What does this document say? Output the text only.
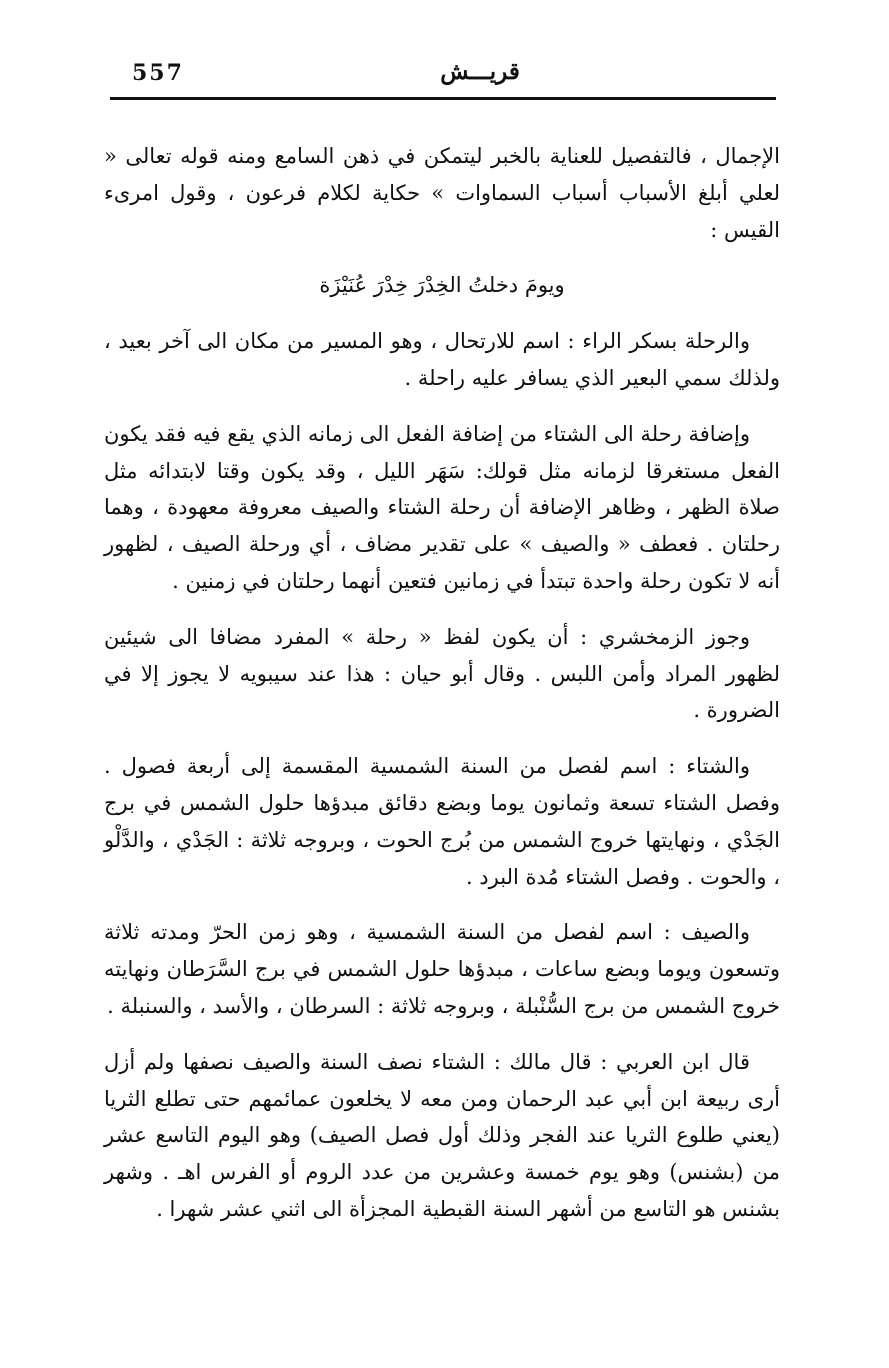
557	قريـــش

الإجمال ، فالتفصيل للعناية بالخبر ليتمكن في ذهن السامع ومنه قوله تعالى « لعلي أبلغ الأسباب أسباب السماوات » حكاية لكلام فرعون ، وقول امرىء القيس :

ويومَ دخلتُ الخِدْرَ خِدْرَ عُنَيْزَة

والرحلة بسكر الراء : اسم للارتحال ، وهو المسير من مكان الى آخر بعيد ، ولذلك سمي البعير الذي يسافر عليه راحلة .

وإضافة رحلة الى الشتاء من إضافة الفعل الى زمانه الذي يقع فيه فقد يكون الفعل مستغرقا لزمانه مثل قولك: سَهَر الليل ، وقد يكون وقتا لابتدائه مثل صلاة الظهر ، وظاهر الإضافة أن رحلة الشتاء والصيف معروفة معهودة ، وهما رحلتان . فعطف « والصيف » على تقدير مضاف ، أي ورحلة الصيف ، لظهور أنه لا تكون رحلة واحدة تبتدأ في زمانين فتعين أنهما رحلتان في زمنين .

وجوز الزمخشري : أن يكون لفظ « رحلة » المفرد مضافا الى شيئين لظهور المراد وأمن اللبس . وقال أبو حيان : هذا عند سيبويه لا يجوز إلا في الضرورة .

والشتاء : اسم لفصل من السنة الشمسية المقسمة إلى أربعة فصول . وفصل الشتاء تسعة وثمانون يوما وبضع دقائق مبدؤها حلول الشمس في برج الجَدْي ، ونهايتها خروج الشمس من بُرج الحوت ، وبروجه ثلاثة : الجَدْي ، والدَّلْو ، والحوت . وفصل الشتاء مُدة البرد .

والصيف : اسم لفصل من السنة الشمسية ، وهو زمن الحرّ ومدته ثلاثة وتسعون ويوما وبضع ساعات ، مبدؤها حلول الشمس في برج السَّرَطان ونهايته خروج الشمس من برج السُّنْبلة ، وبروجه ثلاثة : السرطان ، والأسد ، والسنبلة .

قال ابن العربي : قال مالك : الشتاء نصف السنة والصيف نصفها ولم أزل أرى ربيعة ابن أبي عبد الرحمان ومن معه لا يخلعون عمائمهم حتى تطلع الثريا (يعني طلوع الثريا عند الفجر وذلك أول فصل الصيف) وهو اليوم التاسع عشر من (بشنس) وهو يوم خمسة وعشرين من عدد الروم أو الفرس اهـ . وشهر بشنس هو التاسع من أشهر السنة القبطية المجزأة الى اثني عشر شهرا .
